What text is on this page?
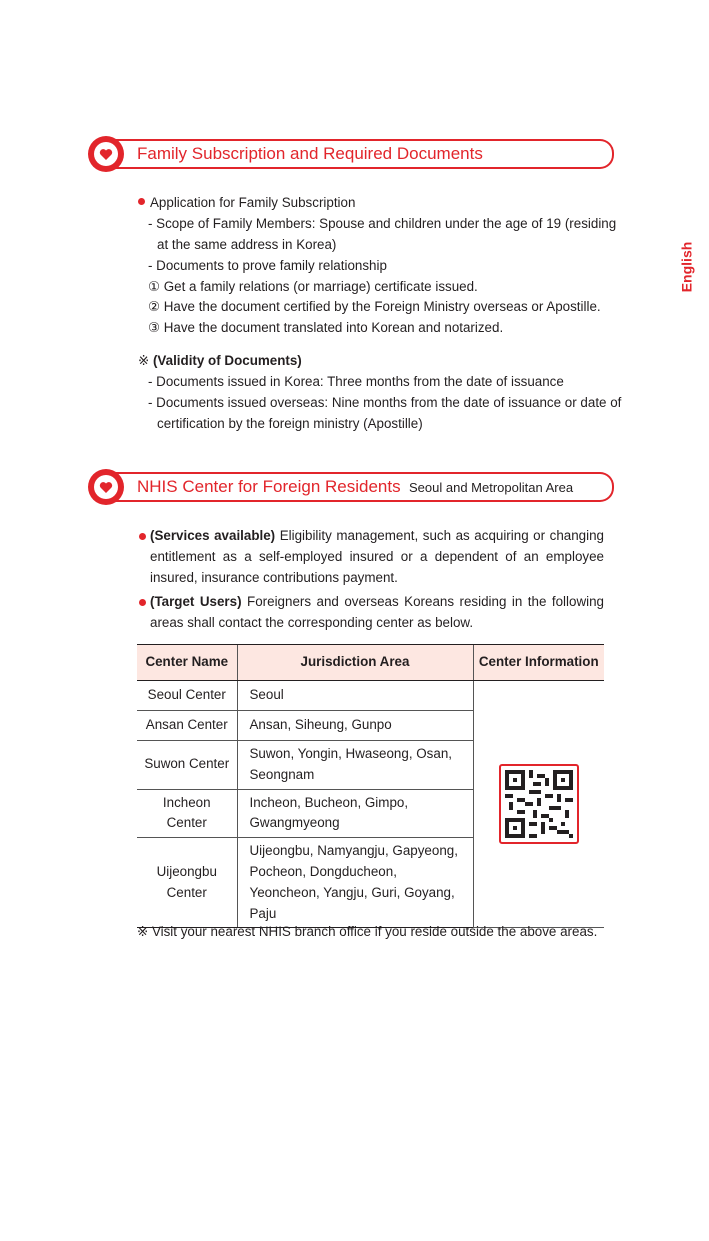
English
Family Subscription and Required Documents
Application for Family Subscription
- Scope of Family Members: Spouse and children under the age of 19 (residing
at the same address in Korea)
- Documents to prove family relationship
① Get a family relations (or marriage) certificate issued.
② Have the document certified by the Foreign Ministry overseas or Apostille.
③ Have the document translated into Korean and notarized.
※ (Validity of Documents)
- Documents issued in Korea: Three months from the date of issuance
- Documents issued overseas: Nine months from the date of issuance or date of
certification by the foreign ministry (Apostille)
NHIS Center for Foreign Residents Seoul and Metropolitan Area
(Services available) Eligibility management, such as acquiring or changing entitlement as a self-employed insured or a dependent of an employee insured, insurance contributions payment.
(Target Users) Foreigners and overseas Koreans residing in the following areas shall contact the corresponding center as below.
Center Name	Jurisdiction Area	Center Information
Seoul Center	Seoul	
Ansan Center	Ansan, Siheung, Gunpo	
Suwon Center	Suwon, Yongin, Hwaseong, Osan, Seongnam	
Incheon Center	Incheon, Bucheon, Gimpo, Gwangmyeong	
Uijeongbu Center	Uijeongbu, Namyangju, Gapyeong, Pocheon, Dongducheon, Yeoncheon, Yangju, Guri, Goyang, Paju	
※ Visit your nearest NHIS branch office if you reside outside the above areas.
